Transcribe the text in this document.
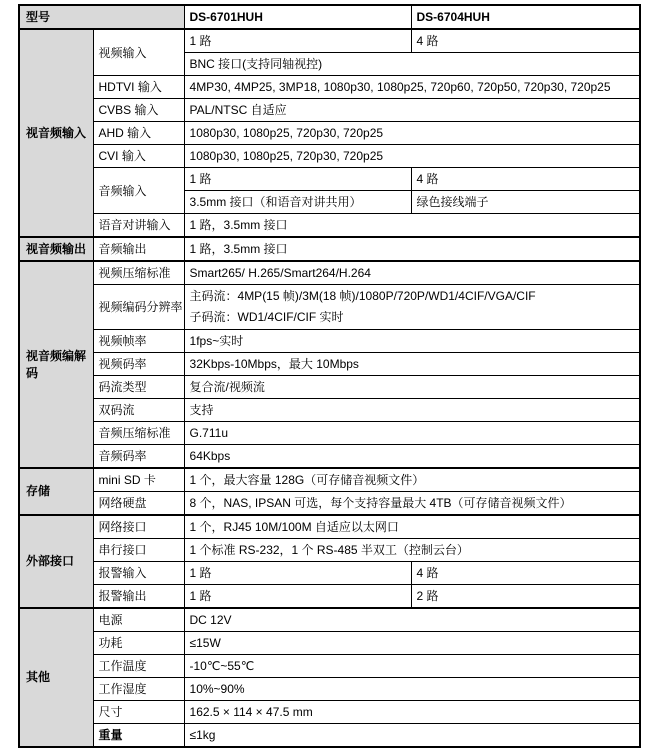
型号		DS-6701HUH	DS-6704HUH
视音频输入	视频输入	1 路	4 路
		BNC 接口(支持同轴视控)	
	HDTVI 输入	4MP30, 4MP25, 3MP18, 1080p30, 1080p25, 720p60, 720p50, 720p30, 720p25	
	CVBS 输入	PAL/NTSC 自适应	
	AHD 输入	1080p30, 1080p25, 720p30, 720p25	
	CVI 输入	1080p30, 1080p25, 720p30, 720p25	
	音频输入	1 路	4 路
		3.5mm 接口（和语音对讲共用）	绿色接线端子
	语音对讲输入	1 路，3.5mm 接口	
视音频输出	音频输出	1 路，3.5mm 接口	
视音频编解码	视频压缩标准	Smart265/ H.265/Smart264/H.264	
	视频编码分辨率	主码流：4MP(15 帧)/3M(18 帧)/1080P/720P/WD1/4CIF/VGA/CIF
子码流：WD1/4CIF/CIF 实时	

	视频帧率	1fps~实时	
	视频码率	32Kbps-10Mbps，最大 10Mbps	
	码流类型	复合流/视频流	
	双码流	支持	
	音频压缩标准	G.711u	
	音频码率	64Kbps	
存储	mini SD 卡	1 个，最大容量 128G（可存储音视频文件）	
	网络硬盘	8 个，NAS, IPSAN 可选，每个支持容量最大 4TB（可存储音视频文件）	
外部接口	网络接口	1 个，RJ45 10M/100M 自适应以太网口	
	串行接口	1 个标准 RS-232，1 个 RS-485 半双工（控制云台）	
	报警输入	1 路	4 路
	报警输出	1 路	2 路
其他	电源	DC 12V	
	功耗	≤15W	
	工作温度	-10℃~55℃	
	工作湿度	10%~90%	
	尺寸	162.5 × 114 × 47.5 mm	
	重量	≤1kg	
